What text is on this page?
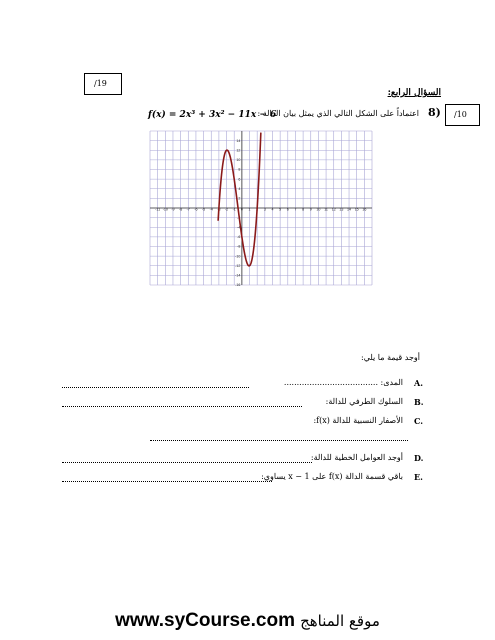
/19
/10
السؤال الرابع:
اعتماداً على الشكل التالي الذي يمثل بيان الدالة : 8)
f(x) = 2x³ + 3x² − 11x − 6
-11 -10 -9 -8 -7 -6 -5 -4 -3 -2 -1 0 1 2 3 4 5 6 7 8 9 10 11 12 13 14 15 16
14
12
10
8
6
4
2
-2
-4
-6
-8
-10
-12
-14
-16
أوجد قيمة ما يلي:
A.
المدى: .....................................
B.
السلوك الطرفي للدالة:
C.
الأصفار النسبية للدالة f(x):
D.
أوجد العوامل الخطية للدالة:
E.
باقي قسمة الدالة f(x) على x − 1 يساوي:
www.syCourse.com موقع المناهج
